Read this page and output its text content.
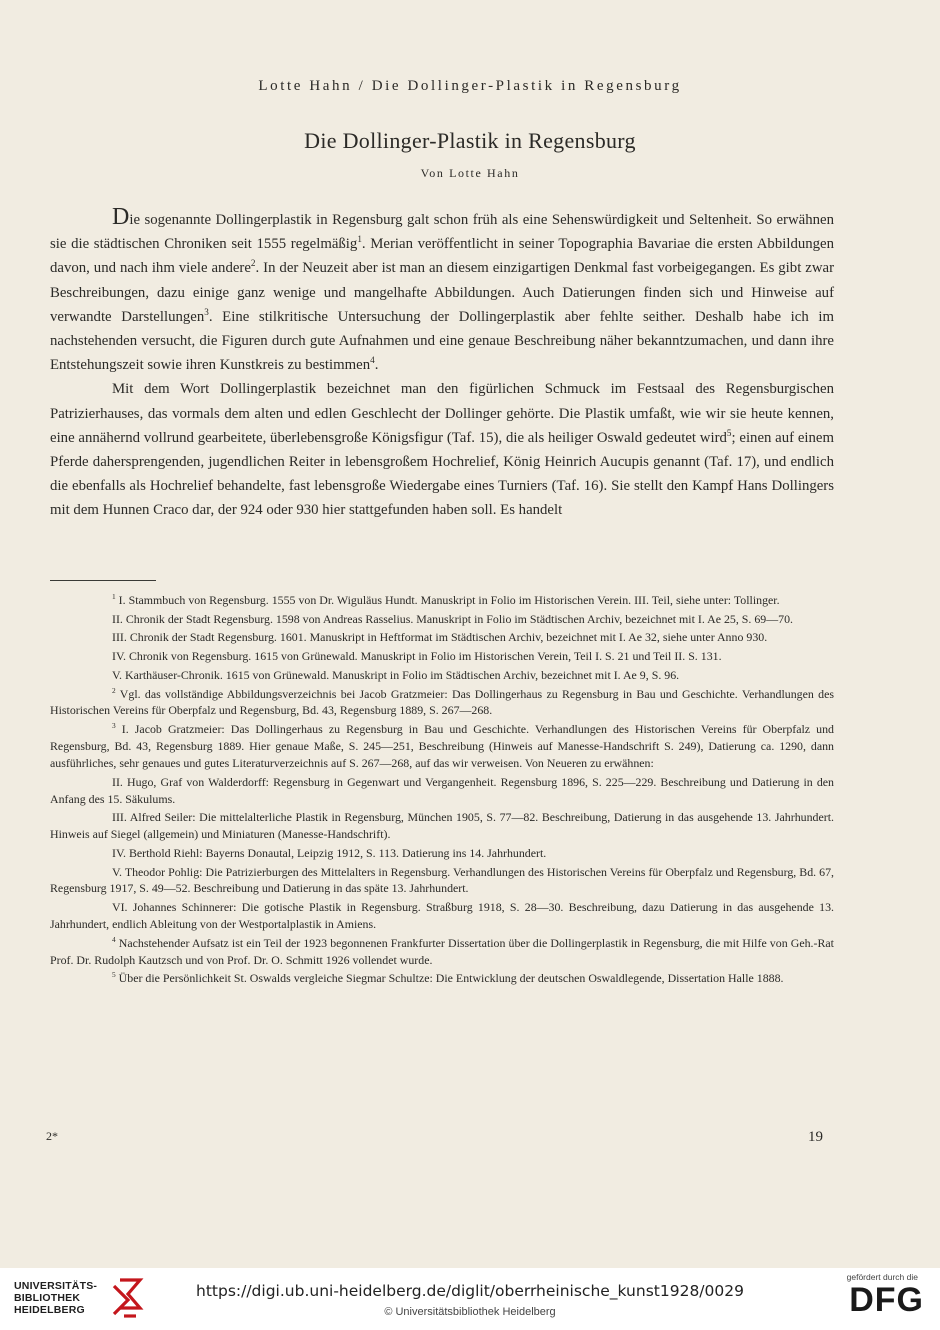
Lotte Hahn / Die Dollinger-Plastik in Regensburg
Die Dollinger-Plastik in Regensburg
Von Lotte Hahn

Die sogenannte Dollingerplastik in Regensburg galt schon früh als eine Sehenswürdigkeit und Seltenheit. So erwähnen sie die städtischen Chroniken seit 1555 regelmäßig$^1$. Merian veröffentlicht in seiner Topographia Bavariae die ersten Abbildungen davon, und nach ihm viele andere$^2$. In der Neuzeit aber ist man an diesem einzigartigen Denkmal fast vorbeigegangen. Es gibt zwar Beschreibungen, dazu einige ganz wenige und mangelhafte Abbildungen. Auch Datierungen finden sich und Hinweise auf verwandte Darstellungen$^3$. Eine stilkritische Untersuchung der Dollingerplastik aber fehlte seither. Deshalb habe ich im nachstehenden versucht, die Figuren durch gute Aufnahmen und eine genaue Beschreibung näher bekanntzumachen, und dann ihre Entstehungszeit sowie ihren Kunstkreis zu bestimmen$^4$.

Mit dem Wort Dollingerplastik bezeichnet man den figürlichen Schmuck im Festsaal des Regensburgischen Patrizierhauses, das vormals dem alten und edlen Geschlecht der Dollinger gehörte. Die Plastik umfaßt, wie wir sie heute kennen, eine annähernd vollrund gearbeitete, überlebensgroße Königsfigur (Taf. 15), die als heiliger Oswald gedeutet wird$^5$; einen auf einem Pferde dahersprengenden, jugendlichen Reiter in lebensgroßem Hochrelief, König Heinrich Aucupis genannt (Taf. 17), und endlich die ebenfalls als Hochrelief behandelte, fast lebensgroße Wiedergabe eines Turniers (Taf. 16). Sie stellt den Kampf Hans Dollingers mit dem Hunnen Craco dar, der 924 oder 930 hier stattgefunden haben soll. Es handelt

$^1$ I. Stammbuch von Regensburg. 1555 von Dr. Wiguläus Hundt. Manuskript in Folio im Historischen Verein. III. Teil, siehe unter: Tollinger.

II. Chronik der Stadt Regensburg. 1598 von Andreas Rasselius. Manuskript in Folio im Städtischen Archiv, bezeichnet mit I. Ae 25, S. 69—70.

III. Chronik der Stadt Regensburg. 1601. Manuskript in Heftformat im Städtischen Archiv, bezeichnet mit I. Ae 32, siehe unter Anno 930.

IV. Chronik von Regensburg. 1615 von Grünewald. Manuskript in Folio im Historischen Verein, Teil I. S. 21 und Teil II. S. 131.

V. Karthäuser-Chronik. 1615 von Grünewald. Manuskript in Folio im Städtischen Archiv, bezeichnet mit I. Ae 9, S. 96.

$^2$ Vgl. das vollständige Abbildungsverzeichnis bei Jacob Gratzmeier: Das Dollingerhaus zu Regensburg in Bau und Geschichte. Verhandlungen des Historischen Vereins für Oberpfalz und Regensburg, Bd. 43, Regensburg 1889, S. 267—268.

$^3$ I. Jacob Gratzmeier: Das Dollingerhaus zu Regensburg in Bau und Geschichte. Verhandlungen des Historischen Vereins für Oberpfalz und Regensburg, Bd. 43, Regensburg 1889. Hier genaue Maße, S. 245—251, Beschreibung (Hinweis auf Manesse-Handschrift S. 249), Datierung ca. 1290, dann ausführliches, sehr genaues und gutes Literaturverzeichnis auf S. 267—268, auf das wir verweisen. Von Neueren zu erwähnen:

II. Hugo, Graf von Walderdorff: Regensburg in Gegenwart und Vergangenheit. Regensburg 1896, S. 225—229. Beschreibung und Datierung in den Anfang des 15. Säkulums.

III. Alfred Seiler: Die mittelalterliche Plastik in Regensburg, München 1905, S. 77—82. Beschreibung, Datierung in das ausgehende 13. Jahrhundert. Hinweis auf Siegel (allgemein) und Miniaturen (Manesse-Handschrift).

IV. Berthold Riehl: Bayerns Donautal, Leipzig 1912, S. 113. Datierung ins 14. Jahrhundert.

V. Theodor Pohlig: Die Patrizierburgen des Mittelalters in Regensburg. Verhandlungen des Historischen Vereins für Oberpfalz und Regensburg, Bd. 67, Regensburg 1917, S. 49—52. Beschreibung und Datierung in das späte 13. Jahrhundert.

VI. Johannes Schinnerer: Die gotische Plastik in Regensburg. Straßburg 1918, S. 28—30. Beschreibung, dazu Datierung in das ausgehende 13. Jahrhundert, endlich Ableitung von der Westportalplastik in Amiens.

$^4$ Nachstehender Aufsatz ist ein Teil der 1923 begonnenen Frankfurter Dissertation über die Dollingerplastik in Regensburg, die mit Hilfe von Geh.-Rat Prof. Dr. Rudolph Kautzsch und von Prof. Dr. O. Schmitt 1926 vollendet wurde.

$^5$ Über die Persönlichkeit St. Oswalds vergleiche Siegmar Schultze: Die Entwicklung der deutschen Oswaldlegende, Dissertation Halle 1888.

2*	19
UNIVERSITÄTS-
BIBLIOTHEK
HEIDELBERG
https://digi.ub.uni-heidelberg.de/diglit/oberrheinische_kunst1928/0029
© Universitätsbibliothek Heidelberg
gefördert durch die
DFG
